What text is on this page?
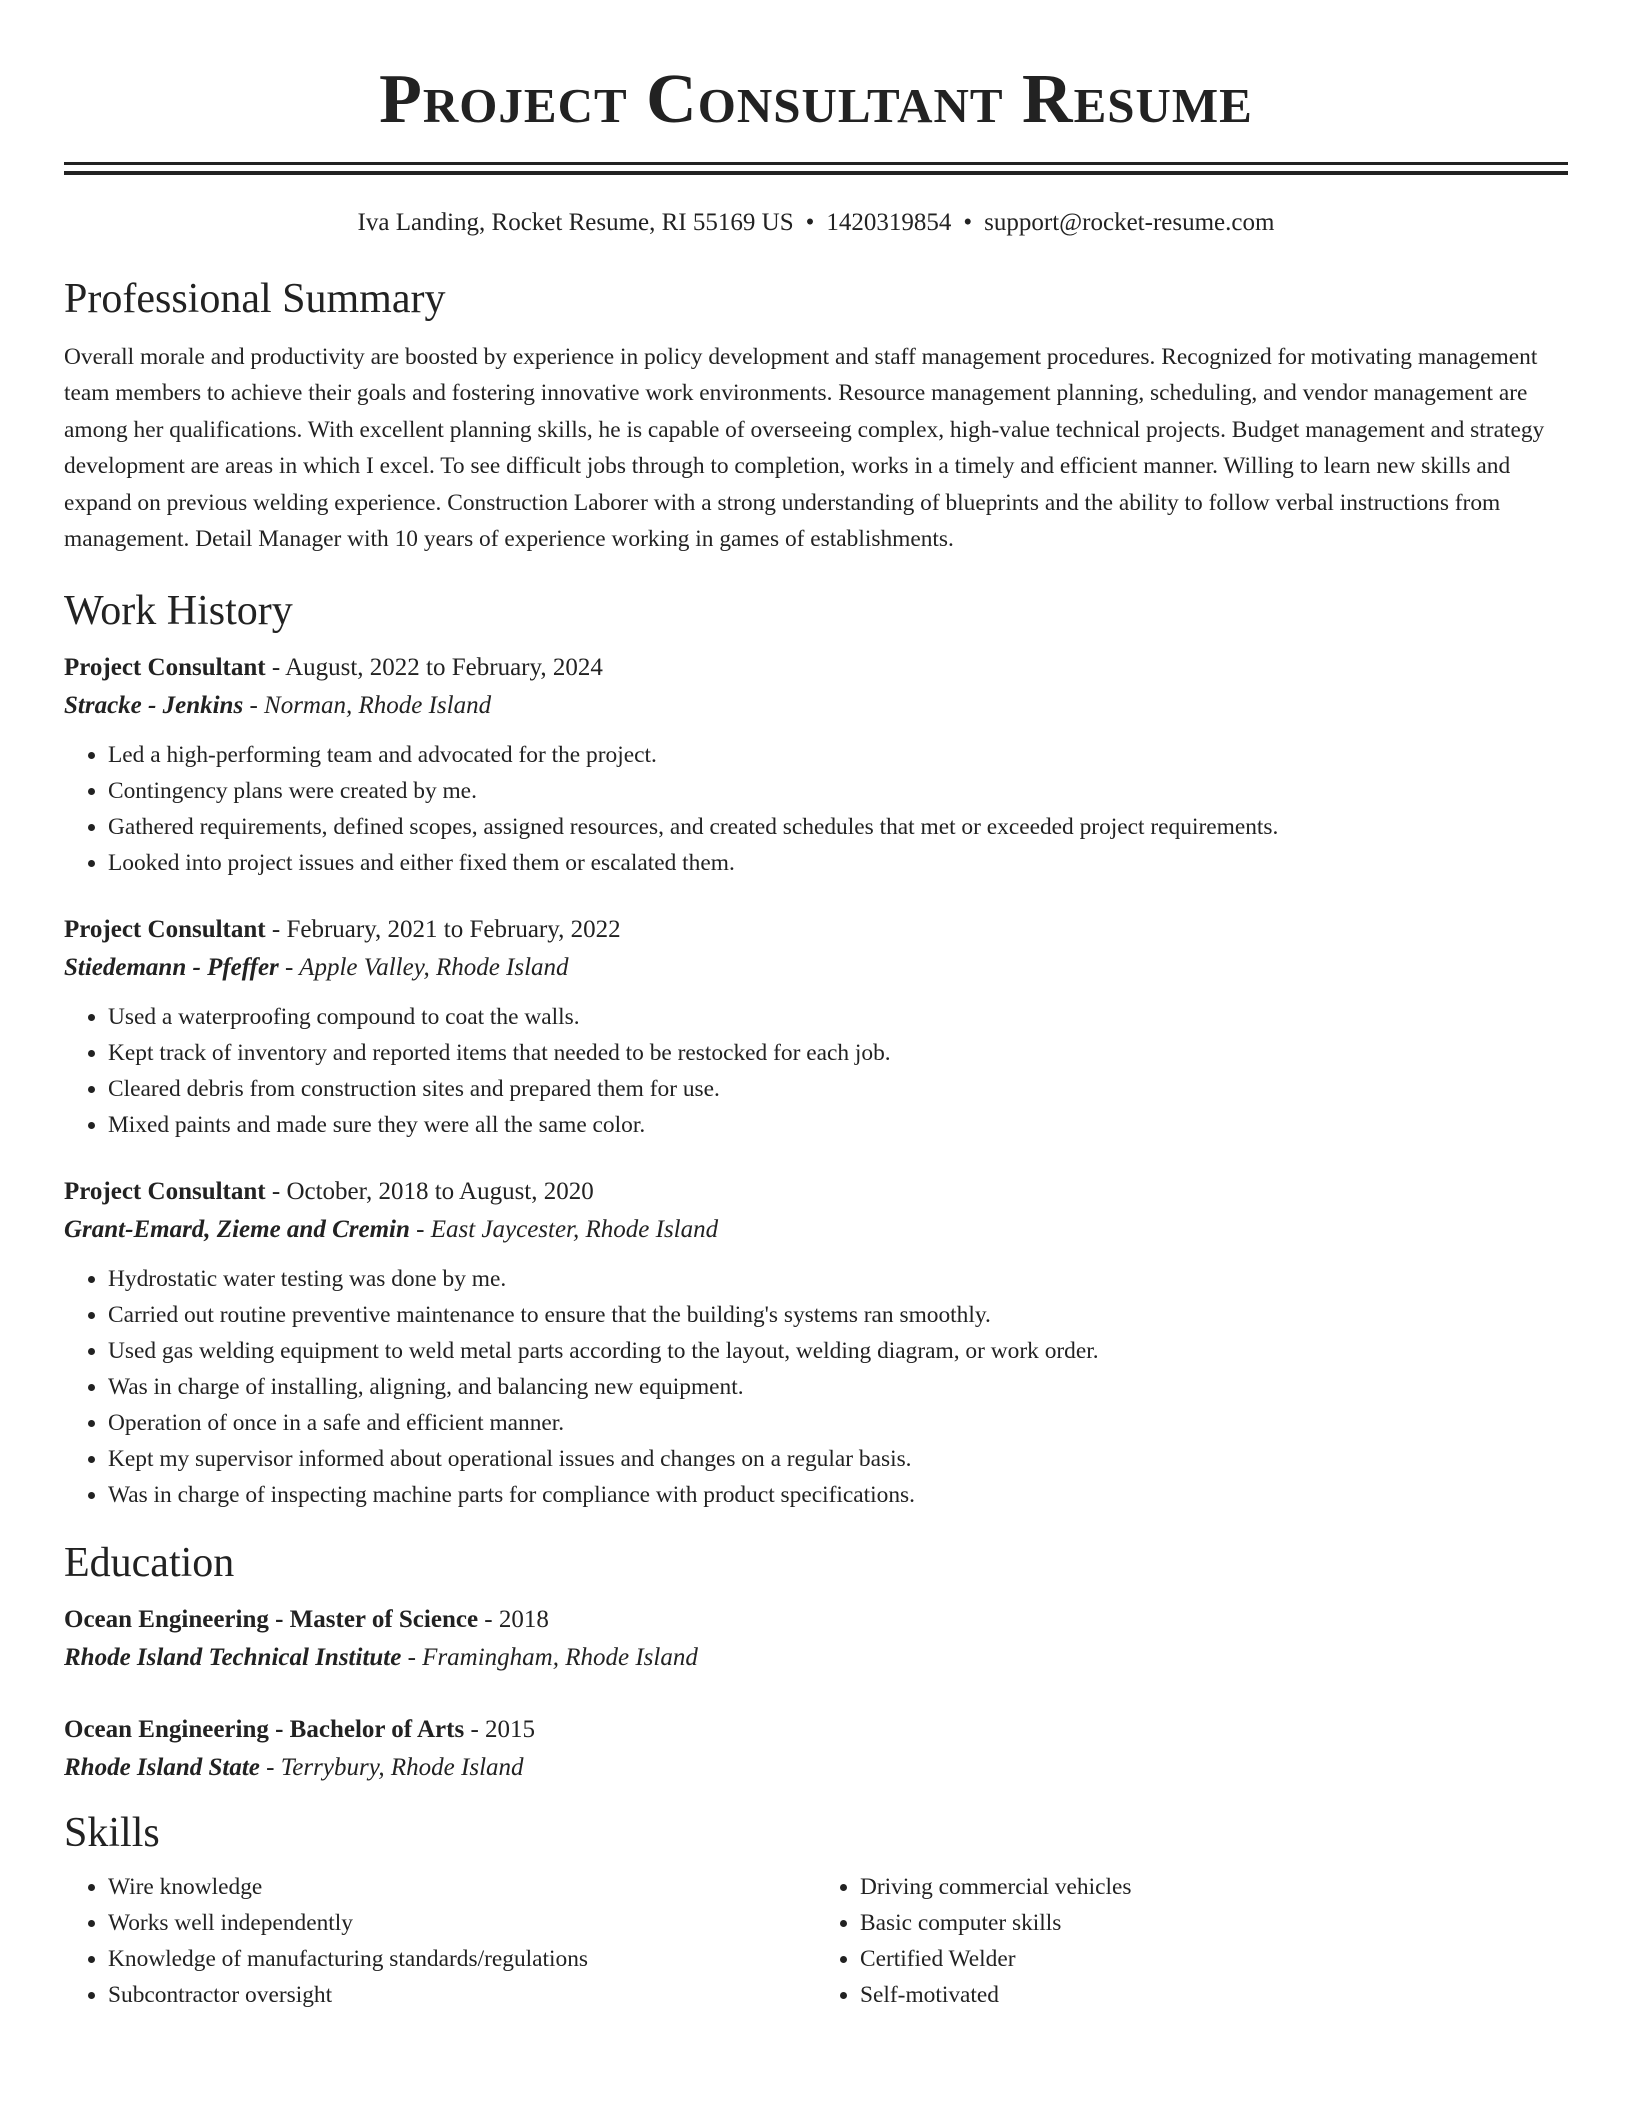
Project Consultant Resume
Iva Landing, Rocket Resume, RI 55169 US • 1420319854 • support@rocket-resume.com
Professional Summary

Overall morale and productivity are boosted by experience in policy development and staff management procedures. Recognized for motivating management team members to achieve their goals and fostering innovative work environments. Resource management planning, scheduling, and vendor management are among her qualifications. With excellent planning skills, he is capable of overseeing complex, high-value technical projects. Budget management and strategy development are areas in which I excel. To see difficult jobs through to completion, works in a timely and efficient manner. Willing to learn new skills and expand on previous welding experience. Construction Laborer with a strong understanding of blueprints and the ability to follow verbal instructions from management. Detail Manager with 10 years of experience working in games of establishments.

Work History

Project Consultant - August, 2022 to February, 2024

Stracke - Jenkins - Norman, Rhode Island

• Led a high-performing team and advocated for the project.
• Contingency plans were created by me.
• Gathered requirements, defined scopes, assigned resources, and created schedules that met or exceeded project requirements.
• Looked into project issues and either fixed them or escalated them.

Project Consultant - February, 2021 to February, 2022

Stiedemann - Pfeffer - Apple Valley, Rhode Island

• Used a waterproofing compound to coat the walls.
• Kept track of inventory and reported items that needed to be restocked for each job.
• Cleared debris from construction sites and prepared them for use.
• Mixed paints and made sure they were all the same color.

Project Consultant - October, 2018 to August, 2020

Grant-Emard, Zieme and Cremin - East Jaycester, Rhode Island

• Hydrostatic water testing was done by me.
• Carried out routine preventive maintenance to ensure that the building's systems ran smoothly.
• Used gas welding equipment to weld metal parts according to the layout, welding diagram, or work order.
• Was in charge of installing, aligning, and balancing new equipment.
• Operation of once in a safe and efficient manner.
• Kept my supervisor informed about operational issues and changes on a regular basis.
• Was in charge of inspecting machine parts for compliance with product specifications.
Education

Ocean Engineering - Master of Science - 2018

Rhode Island Technical Institute - Framingham, Rhode Island

Ocean Engineering - Bachelor of Arts - 2015

Rhode Island State - Terrybury, Rhode Island

Skills
• Wire knowledge
• Works well independently
• Knowledge of manufacturing standards/regulations
• Subcontractor oversight
• Driving commercial vehicles
• Basic computer skills
• Certified Welder
• Self-motivated
